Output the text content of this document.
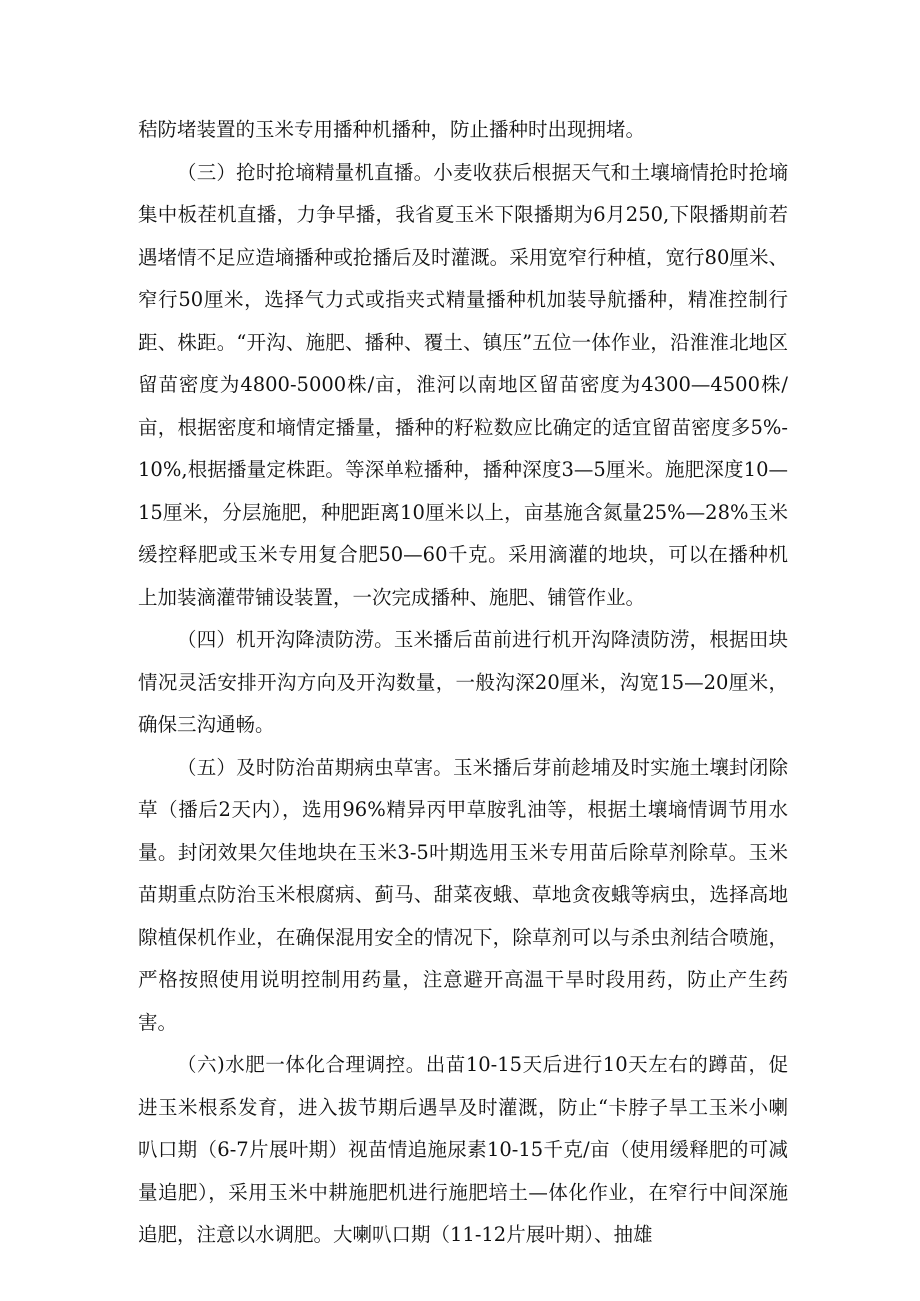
秸防堵装置的玉米专用播种机播种，防止播种时出现拥堵。

（三）抢时抢墒精量机直播。小麦收获后根据天气和土壤墒情抢时抢墒集中板茬机直播，力争早播，我省夏玉米下限播期为6月250,下限播期前若遇堵情不足应造墒播种或抢播后及时灌溉。采用宽窄行种植，宽行80厘米、窄行50厘米，选择气力式或指夹式精量播种机加装导航播种，精准控制行距、株距。“开沟、施肥、播种、覆土、镇压”五位一体作业，沿淮淮北地区留苗密度为4800-5000株/亩，淮河以南地区留苗密度为4300—4500株/亩，根据密度和墒情定播量，播种的籽粒数应比确定的适宜留苗密度多5%-10%,根据播量定株距。等深单粒播种，播种深度3—5厘米。施肥深度10—15厘米，分层施肥，种肥距离10厘米以上，亩基施含氮量25%—28%玉米缓控释肥或玉米专用复合肥50—60千克。采用滴灌的地块，可以在播种机上加装滴灌带铺设装置，一次完成播种、施肥、铺管作业。

（四）机开沟降渍防涝。玉米播后苗前进行机开沟降渍防涝，根据田块情况灵活安排开沟方向及开沟数量，一般沟深20厘米，沟宽15—20厘米，确保三沟通畅。

（五）及时防治苗期病虫草害。玉米播后芽前趁埔及时实施土壤封闭除草（播后2天内），选用96%精异丙甲草胺乳油等，根据土壤墒情调节用水量。封闭效果欠佳地块在玉米3-5叶期选用玉米专用苗后除草剂除草。玉米苗期重点防治玉米根腐病、蓟马、甜菜夜蛾、草地贪夜蛾等病虫，选择高地隙植保机作业，在确保混用安全的情况下，除草剂可以与杀虫剂结合喷施，严格按照使用说明控制用药量，注意避开高温干旱时段用药，防止产生药害。

（六)水肥一体化合理调控。出苗10-15天后进行10天左右的蹲苗，促进玉米根系发育，进入拔节期后遇旱及时灌溉，防止“卡脖子旱工玉米小喇叭口期（6-7片展叶期）视苗情追施尿素10-15千克/亩（使用缓释肥的可减量追肥），采用玉米中耕施肥机进行施肥培土—体化作业，在窄行中间深施追肥，注意以水调肥。大喇叭口期（11-12片展叶期）、抽雄
